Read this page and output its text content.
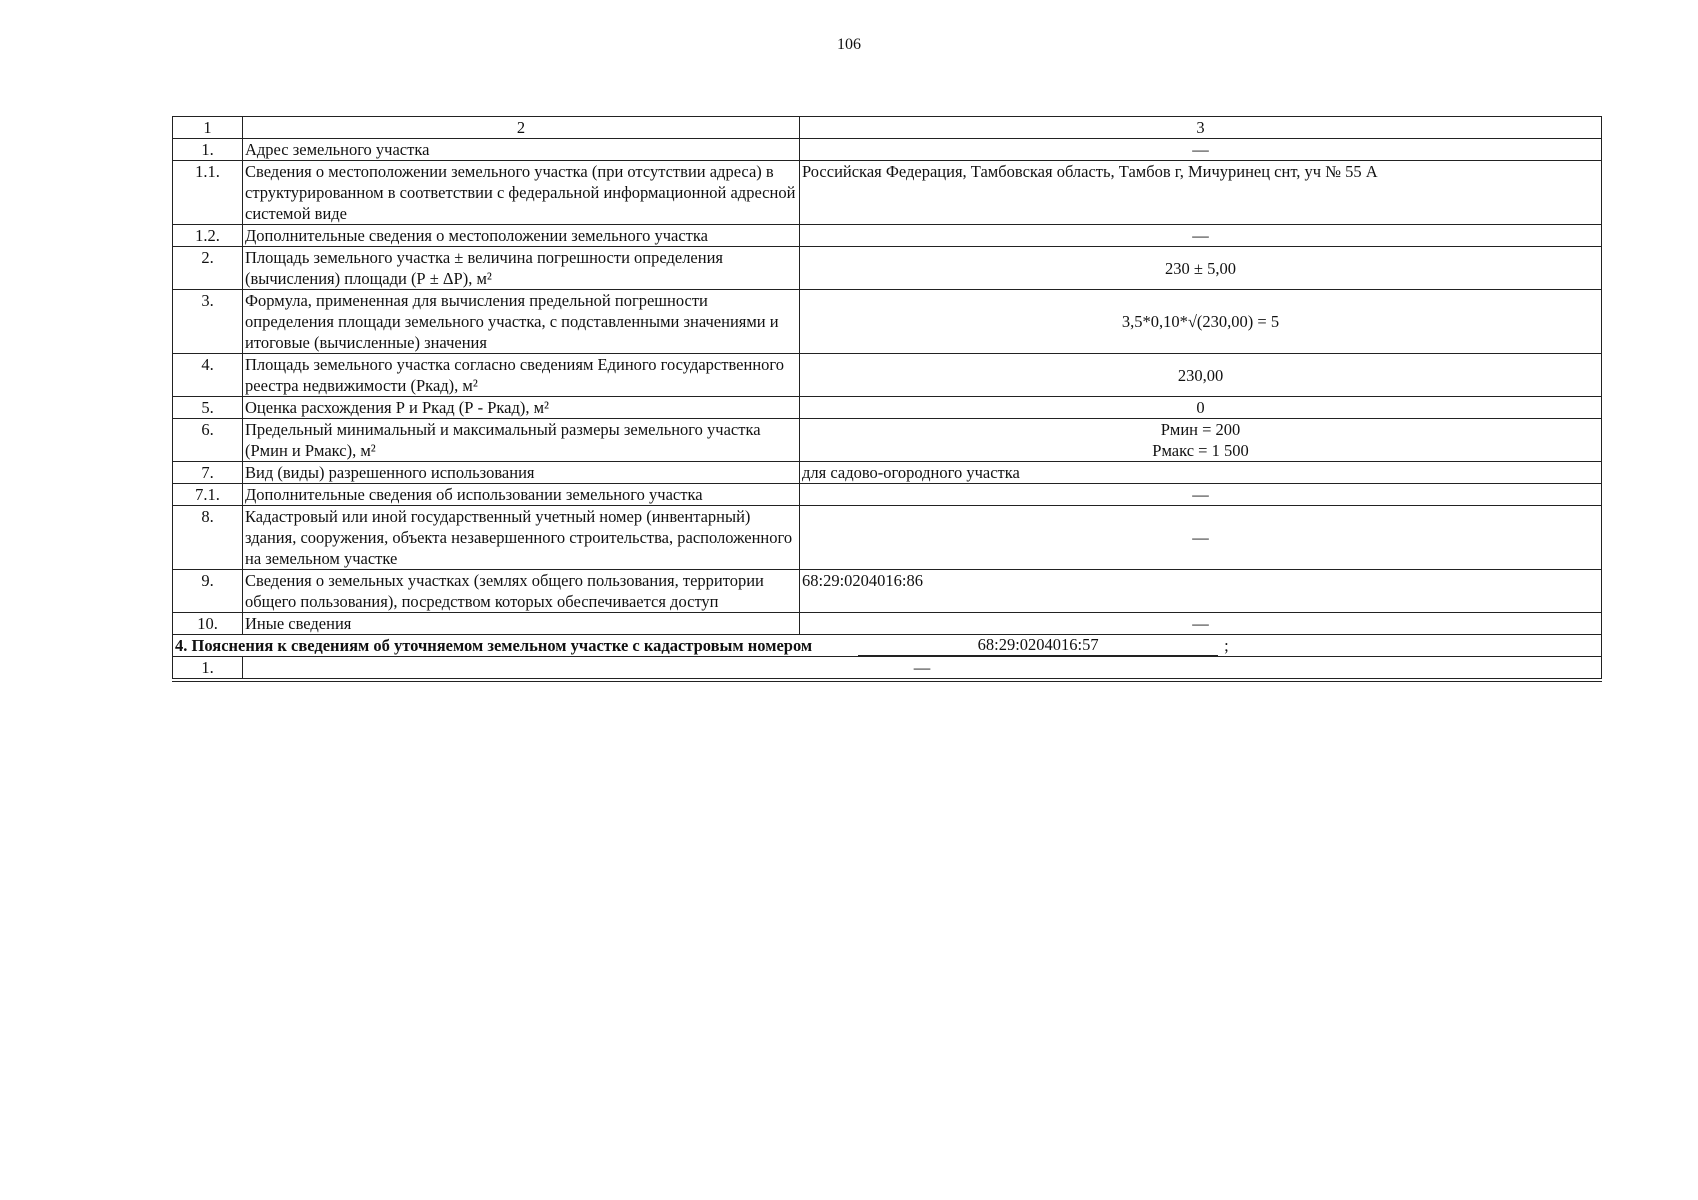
106
1	2	3
1.	Адрес земельного участка	—
1.1.	Сведения о местоположении земельного участка (при отсутствии адреса) в структурированном в соответствии с федеральной информационной адресной системой виде	Российская Федерация, Тамбовская область, Тамбов г, Мичуринец снт, уч № 55 А
1.2.	Дополнительные сведения о местоположении земельного участка	—
2.	Площадь земельного участка ± величина погрешности определения (вычисления) площади (Р ± ΔР), м²	230 ± 5,00
3.	Формула, примененная для вычисления предельной погрешности определения площади земельного участка, с подставленными значениями и итоговые (вычисленные) значения	3,5*0,10*√(230,00) = 5
4.	Площадь земельного участка согласно сведениям Единого государственного реестра недвижимости (Ркад), м²	230,00
5.	Оценка расхождения Р и Ркад (Р - Ркад), м²	0
6.	Предельный минимальный и максимальный размеры земельного участка (Рмин и Рмакс), м²	Рмин = 200
Рмакс = 1 500

7.	Вид (виды) разрешенного использования	для садово-огородного участка
7.1.	Дополнительные сведения об использовании земельного участка	—
8.	Кадастровый или иной государственный учетный номер (инвентарный) здания, сооружения, объекта незавершенного строительства, расположенного на земельном участке	—
9.	Сведения о земельных участках (землях общего пользования, территории общего пользования), посредством которых обеспечивается доступ	68:29:0204016:86
10.	Иные сведения	—

4. Пояснения к сведениям об уточняемом земельном участке с кадастровым номером 68:29:0204016:57 ;		

1.	—	
